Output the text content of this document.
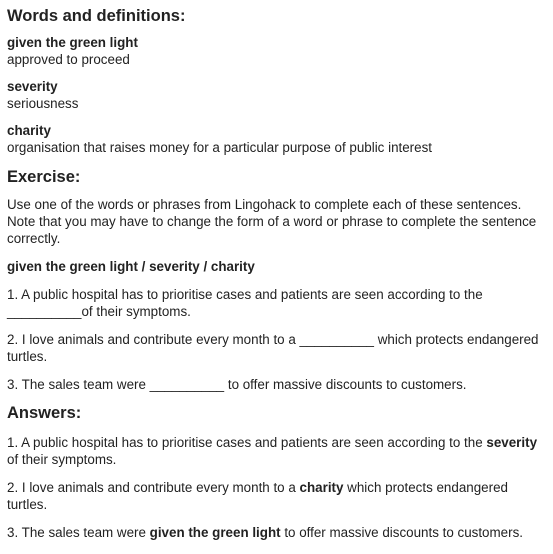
Words and definitions:
given the green light
approved to proceed
severity
seriousness
charity
organisation that raises money for a particular purpose of public interest
Exercise:

Use one of the words or phrases from Lingohack to complete each of these sentences. Note that you may have to change the form of a word or phrase to complete the sentence correctly.

given the green light / severity / charity

1. A public hospital has to prioritise cases and patients are seen according to the
__________of their symptoms.

2. I love animals and contribute every month to a __________ which protects endangered
turtles.

3. The sales team were __________ to offer massive discounts to customers.

Answers:

1. A public hospital has to prioritise cases and patients are seen according to the severity
of their symptoms.

2. I love animals and contribute every month to a charity which protects endangered
turtles.

3. The sales team were given the green light to offer massive discounts to customers.
